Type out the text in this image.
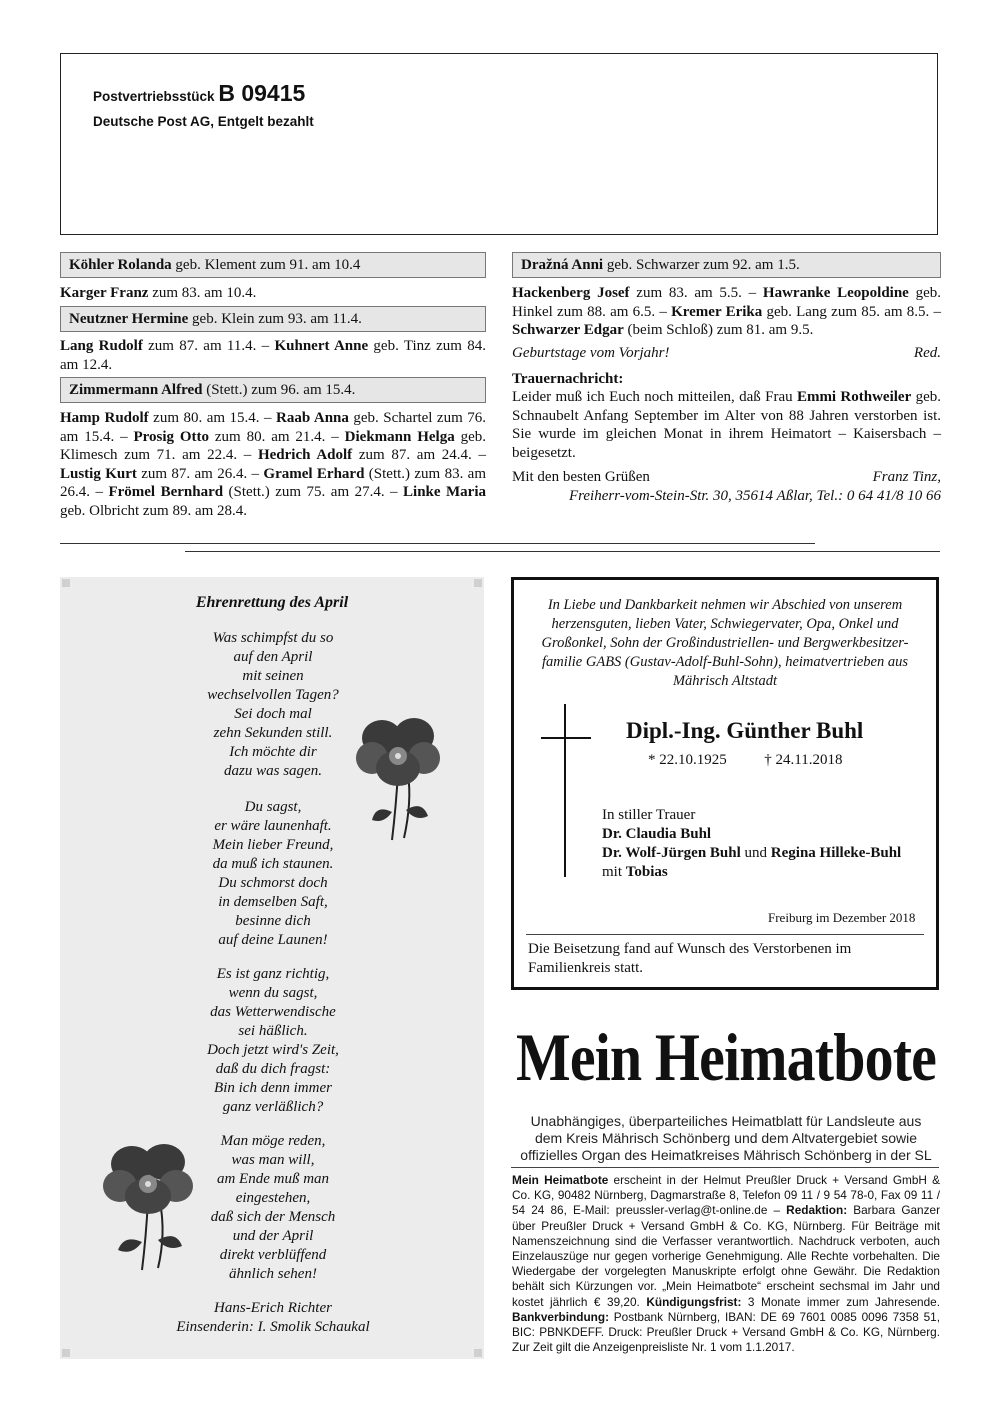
Postvertriebsstück B 09415
Deutsche Post AG, Entgelt bezahlt
Köhler Rolanda geb. Klement zum 91. am 10.4
Karger Franz zum 83. am 10.4.
Neutzner Hermine geb. Klein zum 93. am 11.4.
Lang Rudolf zum 87. am 11.4. – Kuhnert Anne geb. Tinz zum 84. am 12.4.
Zimmermann Alfred (Stett.) zum 96. am 15.4.
Hamp Rudolf zum 80. am 15.4. – Raab Anna geb. Schartel zum 76. am 15.4. – Prosig Otto zum 80. am 21.4. – Diekmann Helga geb. Klimesch zum 71. am 22.4. – Hedrich Adolf zum 87. am 24.4. – Lustig Kurt zum 87. am 26.4. – Gramel Erhard (Stett.) zum 83. am 26.4. – Frömel Bernhard (Stett.) zum 75. am 27.4. – Linke Maria geb. Olbricht zum 89. am 28.4.
Dražná Anni geb. Schwarzer zum 92. am 1.5.
Hackenberg Josef zum 83. am 5.5. – Hawranke Leopoldine geb. Hinkel zum 88. am 6.5. – Kremer Erika geb. Lang zum 85. am 8.5. – Schwarzer Edgar (beim Schloß) zum 81. am 9.5.
Geburtstage vom Vorjahr!	Red.
Trauernachricht:
Leider muß ich Euch noch mitteilen, daß Frau Emmi Rothweiler geb. Schnaubelt Anfang September im Alter von 88 Jahren verstorben ist. Sie wurde im gleichen Monat in ihrem Heimatort – Kaisersbach – beigesetzt.
Mit den besten Grüßen	Franz Tinz,
Freiherr-vom-Stein-Str. 30, 35614 Aßlar, Tel.: 0 64 41/8 10 66
Ehrenrettung des April
Was schimpfst du so
auf den April
mit seinen
wechselvollen Tagen?
Sei doch mal
zehn Sekunden still.
Ich möchte dir
dazu was sagen.
Du sagst,
er wäre launenhaft.
Mein lieber Freund,
da muß ich staunen.
Du schmorst doch
in demselben Saft,
besinne dich
auf deine Launen!
Es ist ganz richtig,
wenn du sagst,
das Wetterwendische
sei häßlich.
Doch jetzt wird's Zeit,
daß du dich fragst:
Bin ich denn immer
ganz verläßlich?
Man möge reden,
was man will,
am Ende muß man
eingestehen,
daß sich der Mensch
und der April
direkt verblüffend
ähnlich sehen!
Hans-Erich Richter
Einsenderin: I. Smolik Schaukal
In Liebe und Dankbarkeit nehmen wir Abschied von unserem
herzensguten, lieben Vater, Schwiegervater, Opa, Onkel und
Großonkel, Sohn der Großindustriellen- und Bergwerkbesitzer-
familie GABS (Gustav-Adolf-Buhl-Sohn), heimatvertrieben aus
Mährisch Altstadt
Dipl.-Ing. Günther Buhl
* 22.10.1925	† 24.11.2018
In stiller Trauer
Dr. Claudia Buhl
Dr. Wolf-Jürgen Buhl und Regina Hilleke-Buhl
mit Tobias
Freiburg im Dezember 2018
Die Beisetzung fand auf Wunsch des Verstorbenen im Familienkreis statt.
Mein Heimatbote
Unabhängiges, überparteiliches Heimatblatt für Landsleute aus
dem Kreis Mährisch Schönberg und dem Altvatergebiet sowie
offizielles Organ des Heimatkreises Mährisch Schönberg in der SL
Mein Heimatbote erscheint in der Helmut Preußler Druck + Versand GmbH & Co. KG, 90482 Nürnberg, Dagmarstraße 8, Telefon 09 11 / 9 54 78-0, Fax 09 11 / 54 24 86, E-Mail: preussler-verlag@t-online.de – Redaktion: Barbara Ganzer über Preußler Druck + Versand GmbH & Co. KG, Nürnberg. Für Beiträge mit Namenszeichnung sind die Verfasser verantwortlich. Nachdruck verboten, auch Einzelauszüge nur gegen vorherige Genehmigung. Alle Rechte vorbehalten. Die Wiedergabe der vorgelegten Manuskripte erfolgt ohne Gewähr. Die Redaktion behält sich Kürzungen vor. „Mein Heimatbote“ erscheint sechsmal im Jahr und kostet jährlich € 39,20. Kündigungsfrist: 3 Monate immer zum Jahresende. Bankverbindung: Postbank Nürnberg, IBAN: DE 69 7601 0085 0096 7358 51, BIC: PBNKDEFF. Druck: Preußler Druck + Versand GmbH & Co. KG, Nürnberg. Zur Zeit gilt die Anzeigenpreisliste Nr. 1 vom 1.1.2017.
